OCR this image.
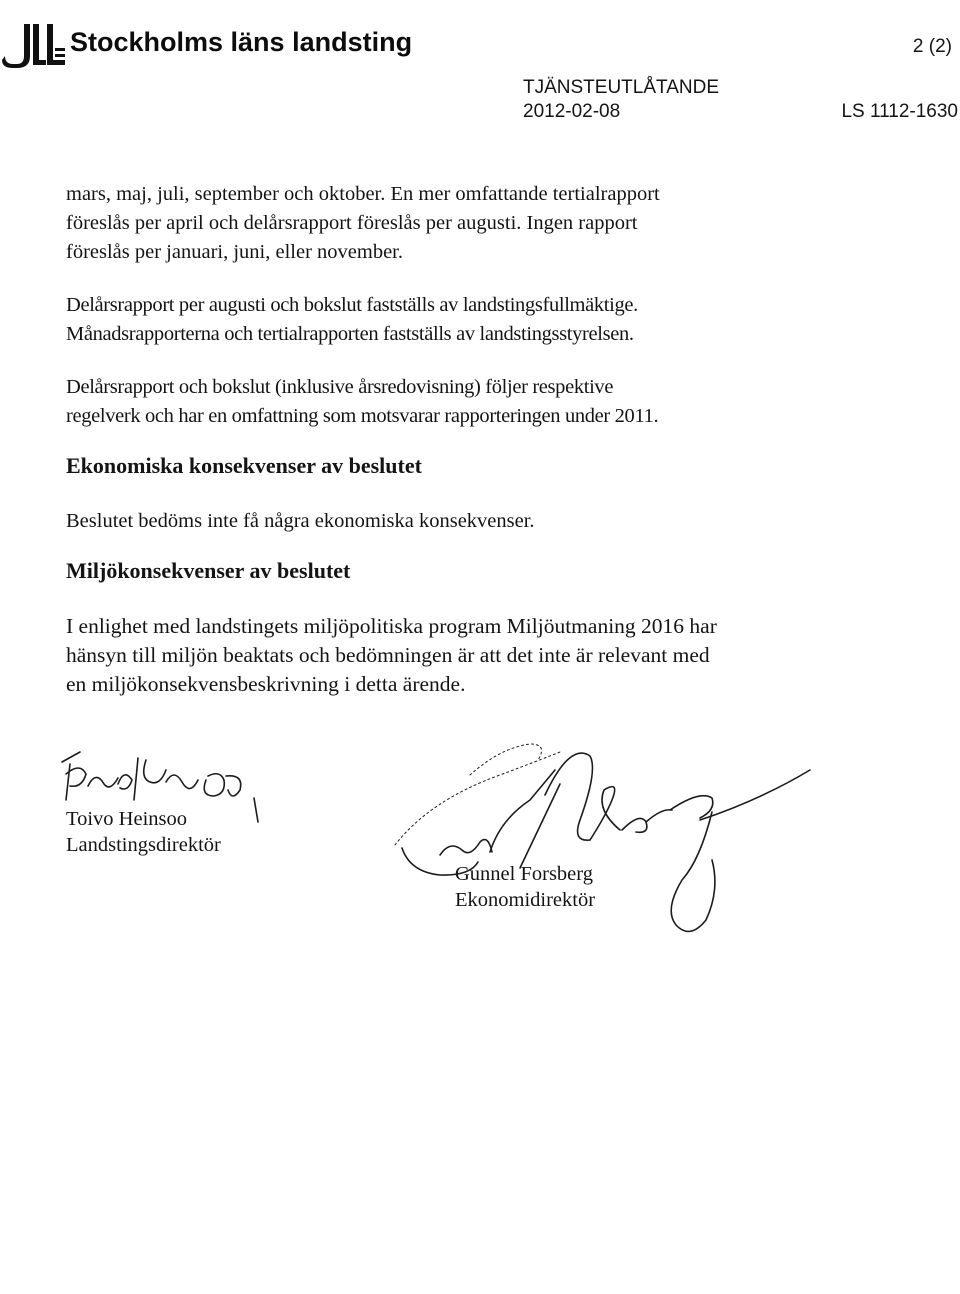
Stockholms läns landsting	2 (2)
TJÄNSTEUTLÅTANDE
2012-02-08	LS 1112-1630

mars, maj, juli, september och oktober. En mer omfattande tertialrapport
föreslås per april och delårsrapport föreslås per augusti. Ingen rapport
föreslås per januari, juni, eller november.

Delårsrapport per augusti och bokslut fastställs av landstingsfullmäktige.
Månadsrapporterna och tertialrapporten fastställs av landstingsstyrelsen.

Delårsrapport och bokslut (inklusive årsredovisning) följer respektive
regelverk och har en omfattning som motsvarar rapporteringen under 2011.

Ekonomiska konsekvenser av beslutet

Beslutet bedöms inte få några ekonomiska konsekvenser.

Miljökonsekvenser av beslutet

I enlighet med landstingets miljöpolitiska program Miljöutmaning 2016 har
hänsyn till miljön beaktats och bedömningen är att det inte är relevant med
en miljökonsekvensbeskrivning i detta ärende.

Toivo Heinsoo
Landstingsdirektör
Gunnel Forsberg
Ekonomidirektör
